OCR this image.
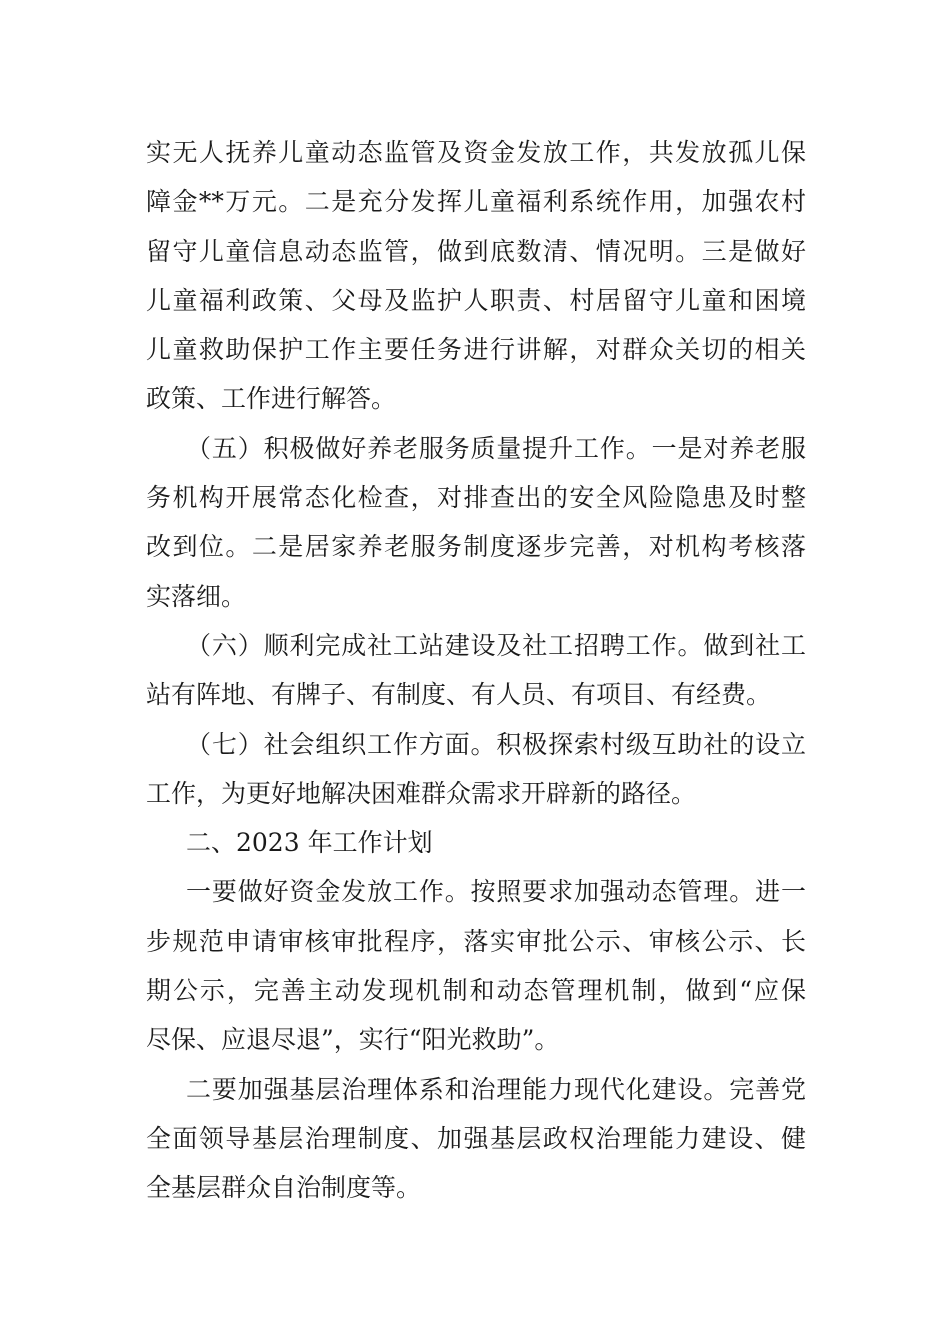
实无人抚养儿童动态监管及资金发放工作，共发放孤儿保
障金**万元。二是充分发挥儿童福利系统作用，加强农村
留守儿童信息动态监管，做到底数清、情况明。三是做好
儿童福利政策、父母及监护人职责、村居留守儿童和困境
儿童救助保护工作主要任务进行讲解，对群众关切的相关
政策、工作进行解答。
（五）积极做好养老服务质量提升工作。一是对养老服
务机构开展常态化检查，对排查出的安全风险隐患及时整
改到位。二是居家养老服务制度逐步完善，对机构考核落
实落细。
（六）顺利完成社工站建设及社工招聘工作。做到社工
站有阵地、有牌子、有制度、有人员、有项目、有经费。
（七）社会组织工作方面。积极探索村级互助社的设立
工作，为更好地解决困难群众需求开辟新的路径。
二、2023 年工作计划
一要做好资金发放工作。按照要求加强动态管理。进一
步规范申请审核审批程序，落实审批公示、审核公示、长
期公示，完善主动发现机制和动态管理机制，做到“应保
尽保、应退尽退”，实行“阳光救助”。
二要加强基层治理体系和治理能力现代化建设。完善党
全面领导基层治理制度、加强基层政权治理能力建设、健
全基层群众自治制度等。
